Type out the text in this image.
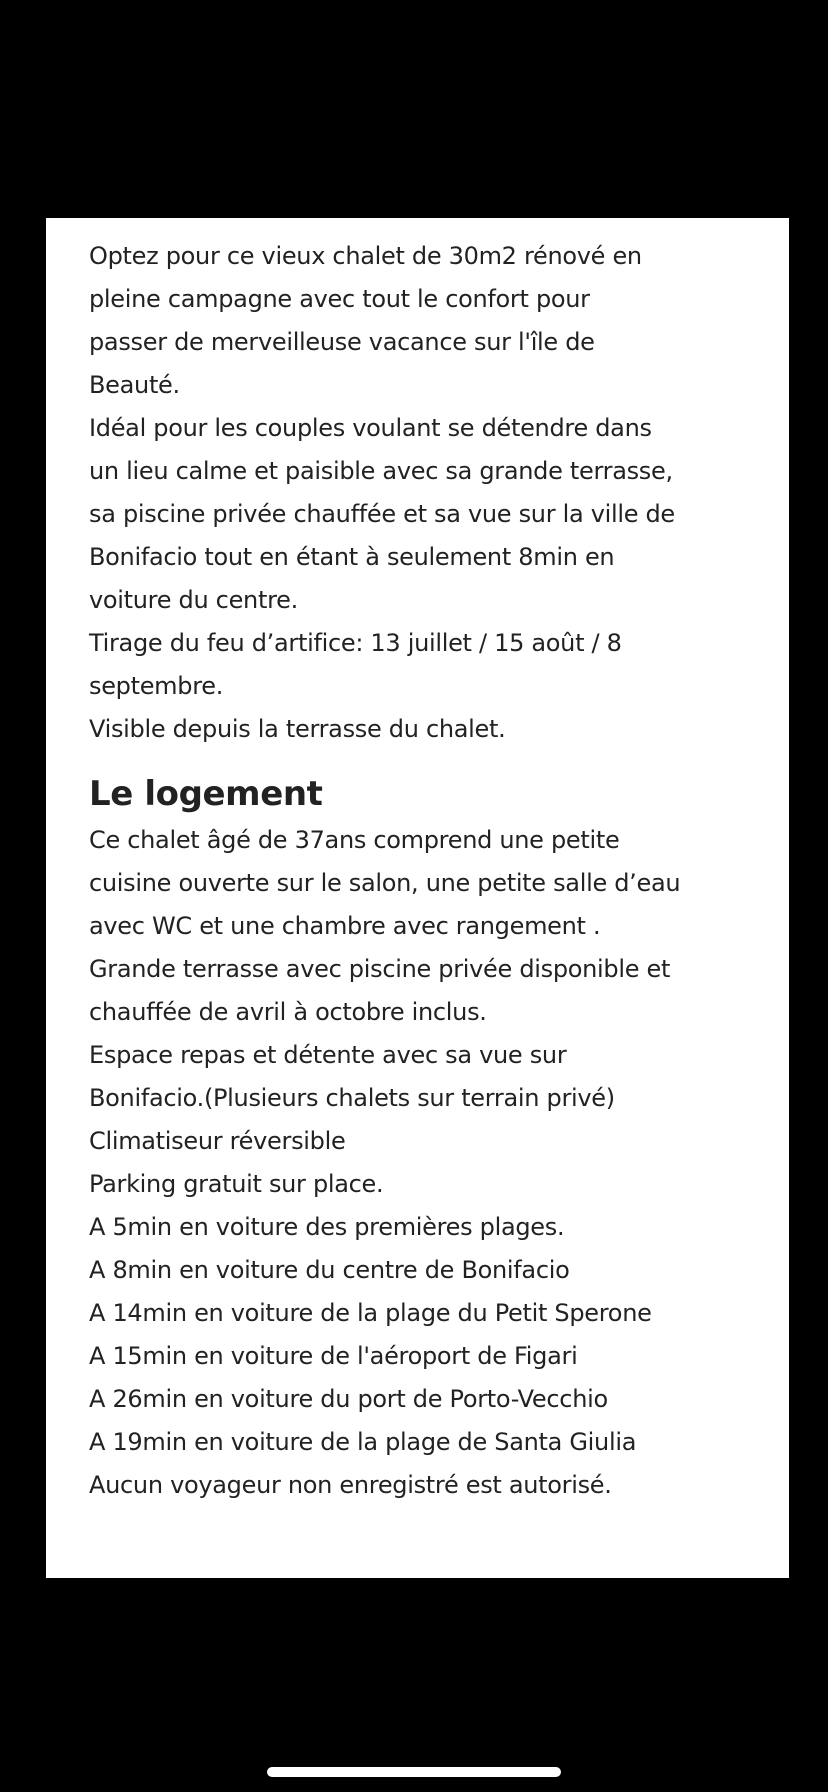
Optez pour ce vieux chalet de 30m2 rénové en
pleine campagne avec tout le confort pour
passer de merveilleuse vacance sur l'île de
Beauté.
Idéal pour les couples voulant se détendre dans
un lieu calme et paisible avec sa grande terrasse,
sa piscine privée chauffée et sa vue sur la ville de
Bonifacio tout en étant à seulement 8min en
voiture du centre.
Tirage du feu d’artifice: 13 juillet / 15 août / 8
septembre.
Visible depuis la terrasse du chalet.

Le logement

Ce chalet âgé de 37ans comprend une petite
cuisine ouverte sur le salon, une petite salle d’eau
avec WC et une chambre avec rangement .
Grande terrasse avec piscine privée disponible et
chauffée de avril à octobre inclus.
Espace repas et détente avec sa vue sur
Bonifacio.(Plusieurs chalets sur terrain privé)
Climatiseur réversible
Parking gratuit sur place.
A 5min en voiture des premières plages.
A 8min en voiture du centre de Bonifacio
A 14min en voiture de la plage du Petit Sperone
A 15min en voiture de l'aéroport de Figari
A 26min en voiture du port de Porto-Vecchio
A 19min en voiture de la plage de Santa Giulia
Aucun voyageur non enregistré est autorisé.
